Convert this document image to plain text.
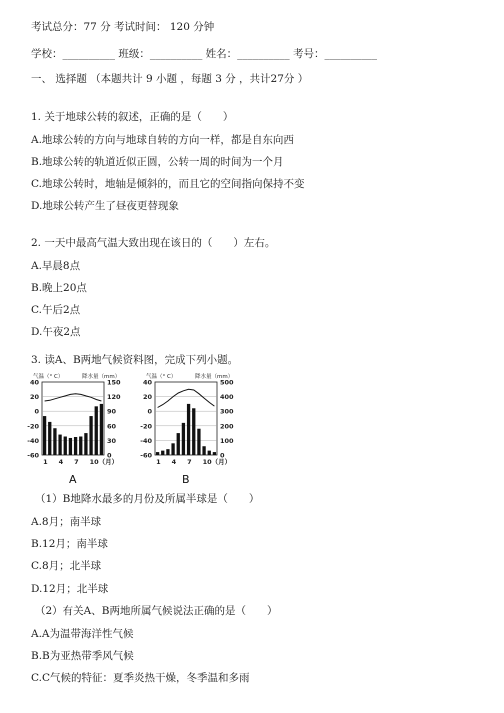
考试总分：77 分 考试时间： 120 分钟
学校：__________ 班级：__________ 姓名：__________ 考号：__________
一、 选择题 （本题共计 9 小题 ，每题 3 分 ，共计27分 ）
1. 关于地球公转的叙述，正确的是（　　）
A.地球公转的方向与地球自转的方向一样，都是自东向西
B.地球公转的轨道近似正圆，公转一周的时间为一个月
C.地球公转时，地轴是倾斜的，而且它的空间指向保持不变
D.地球公转产生了昼夜更替现象
2. 一天中最高气温大致出现在该日的（　　）左右。
A.早晨8点
B.晚上20点
C.午后2点
D.午夜2点
3. 读A、B两地气候资料图，完成下列小题。
气温（° C）	降水量（mm）
40
20
0
-20
-40
-60
150
120
90
60
30
0
1 4 7 10（月）
A
气温（° C）	降水量（mm）
40
20
0
-20
-40
-60
500
400
300
200
100
0
1 4 7 10（月）
B
（1）B地降水最多的月份及所属半球是（　　）
A.8月；南半球
B.12月；南半球
C.8月；北半球
D.12月；北半球
（2）有关A、B两地所属气候说法正确的是（　　）
A.A为温带海洋性气候
B.B为亚热带季风气候
C.C气候的特征：夏季炎热干燥，冬季温和多雨
